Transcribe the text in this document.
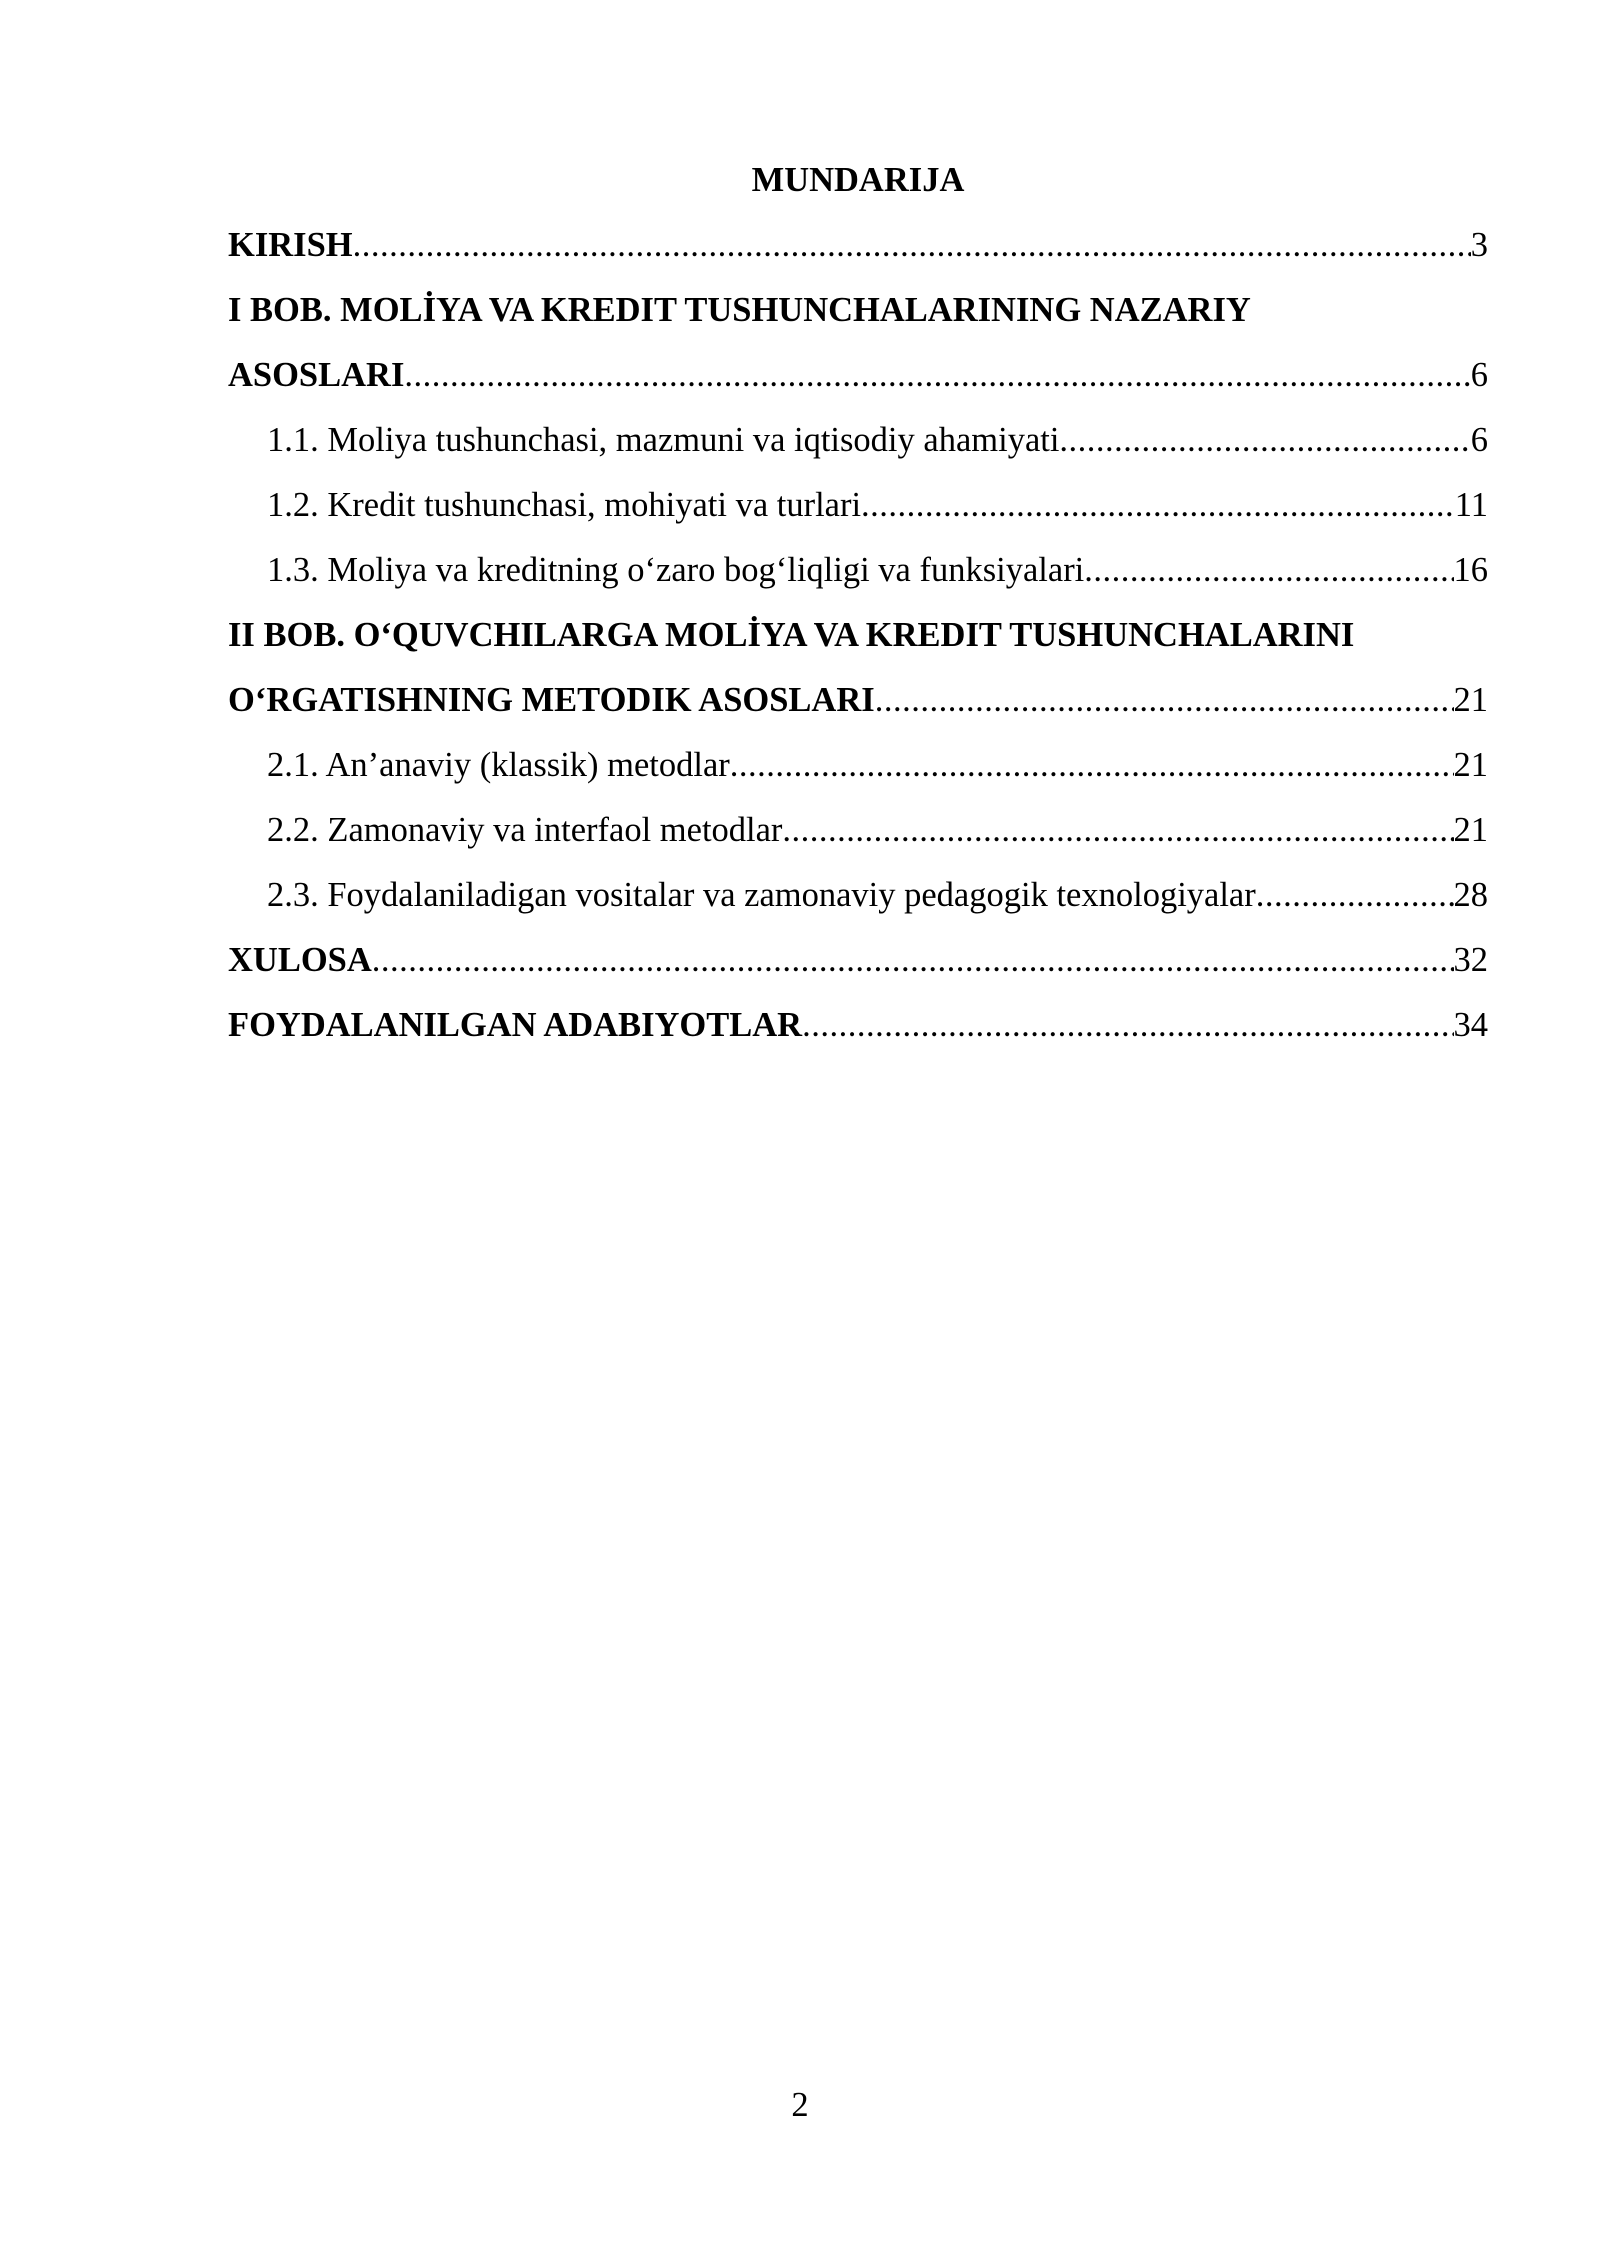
MUNDARIJA
KIRISH .....	3
I BOB. MOLİYA VA KREDIT TUSHUNCHALARINING NAZARIY
ASOSLARI .....	6
1.1. Moliya tushunchasi, mazmuni va iqtisodiy ahamiyati .....	6
1.2. Kredit tushunchasi, mohiyati va turlari .....	11
1.3. Moliya va kreditning o‘zaro bog‘liqligi va funksiyalari .....	16
II BOB. O‘QUVCHILARGA MOLİYA VA KREDIT TUSHUNCHALARINI
O‘RGATISHNING METODIK ASOSLARI .....	21
2.1. An’anaviy (klassik) metodlar .....	21
2.2. Zamonaviy va interfaol metodlar .....	21
2.3. Foydalaniladigan vositalar va zamonaviy pedagogik texnologiyalar .....	28
XULOSA .....	32
FOYDALANILGAN ADABIYOTLAR .....	34
2
